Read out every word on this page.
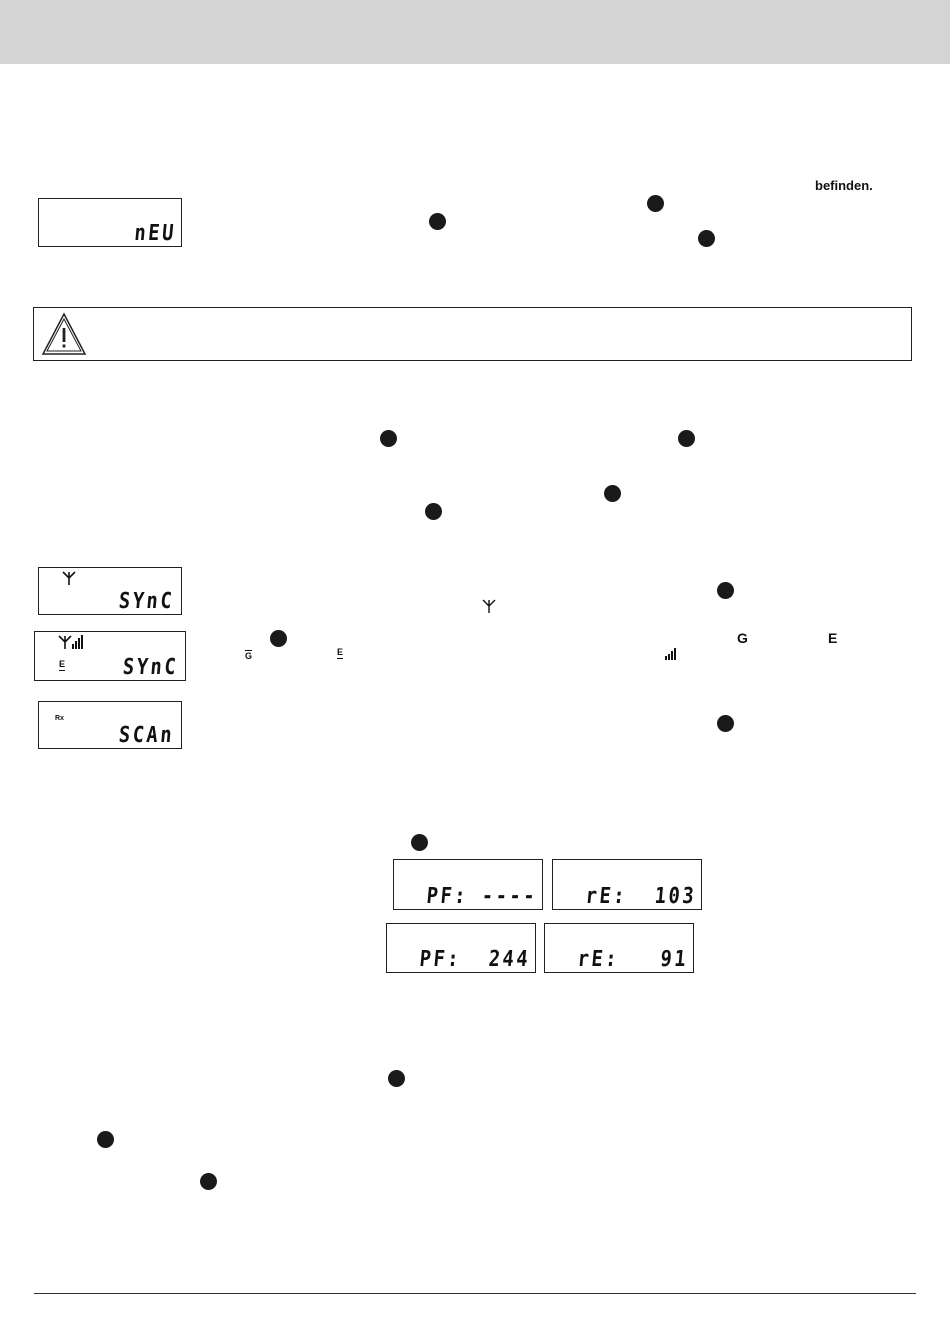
befinden.
nEU
SYnC
E	SYnC
G	E
G	E
Rx
SCAn
PF: ---- rE:  103
PF:  244 rE:   91
